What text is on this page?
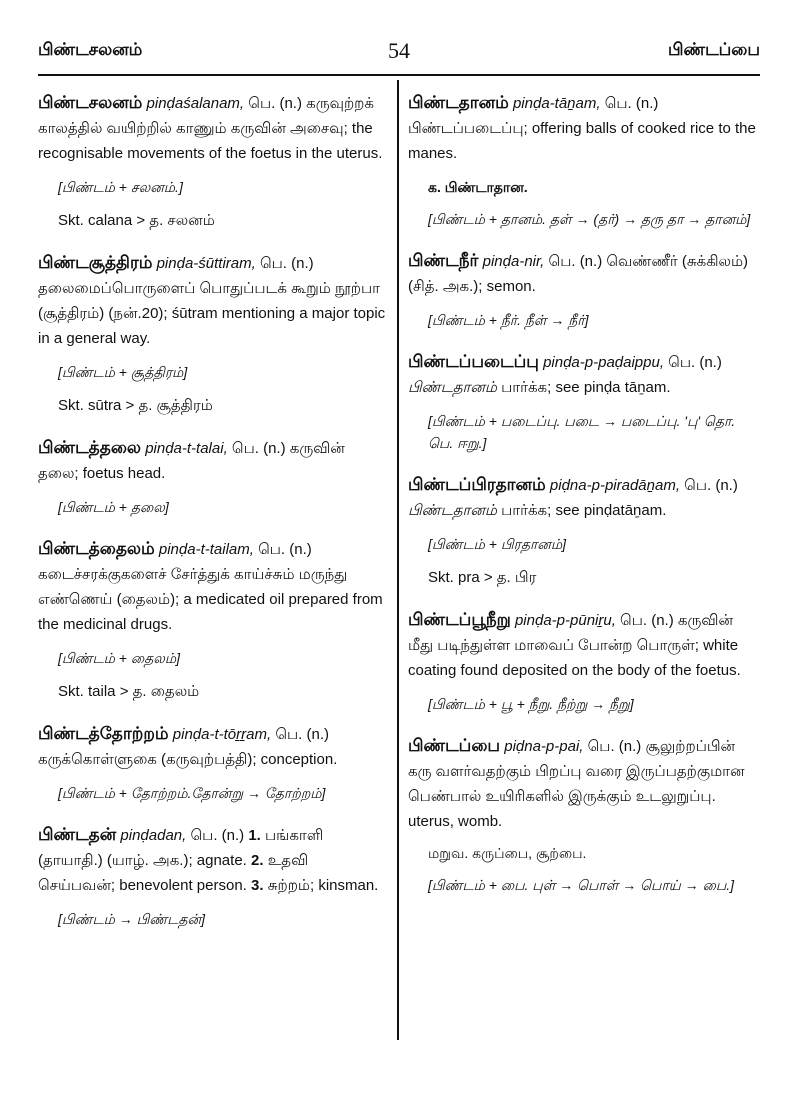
பிண்டசலனம்	54	பிண்டப்பை
பிண்டசலனம் pinḍaśalanam, பெ. (n.) கருவுற்றக் காலத்தில் வயிற்றில் காணும் கருவின் அசைவு; the recognisable movements of the foetus in the uterus.
[பிண்டம் + சலனம்.]
Skt. calana > த. சலனம்
பிண்டசூத்திரம் pinḍa-śūttiram, பெ. (n.) தலைமைப்பொருளைப் பொதுப்படக் கூறும் நூற்பா (சூத்திரம்) (நன்.20); śūtram mentioning a major topic in a general way.
[பிண்டம் + சூத்திரம்]
Skt. sūtra > த. சூத்திரம்
பிண்டத்தலை pinḍa-t-talai, பெ. (n.) கருவின் தலை; foetus head.
[பிண்டம் + தலை]
பிண்டத்தைலம் pinḍa-t-tailam, பெ. (n.) கடைச்சரக்குகளைச் சேர்த்துக் காய்ச்சும் மருந்து எண்ணெய் (தைலம்); a medicated oil prepared from the medicinal drugs.
[பிண்டம் + தைலம்]
Skt. taila > த. தைலம்
பிண்டத்தோற்றம் pinḍa-t-tōṟṟam, பெ. (n.) கருக்கொள்ளுகை (கருவுற்பத்தி); conception.
[பிண்டம் + தோற்றம்.தோன்று → தோற்றம்]
பிண்டதன் pinḍadan, பெ. (n.) 1. பங்காளி (தாயாதி.) (யாழ். அக.); agnate. 2. உதவி செய்பவன்; benevolent person. 3. சுற்றம்; kinsman.
[பிண்டம் → பிண்டதன்]
பிண்டதானம் pinḍa-tāṉam, பெ. (n.) பிண்டப்படைப்பு; offering balls of cooked rice to the manes.
க. பிண்டாதான.
[பிண்டம் + தானம். தள் → (தர்) → தரு தா → தானம்]
பிண்டநீர் pinḍa-nir, பெ. (n.) வெண்ணீர் (சுக்கிலம்) (சித். அக.); semon.
[பிண்டம் + நீர். நீள் → நீர்]
பிண்டப்படைப்பு pinḍa-p-paḍaippu, பெ. (n.) பிண்டதானம் பார்க்க; see pinḍa tāṉam.
[பிண்டம் + படைப்பு. படை → படைப்பு. 'பு' தொ. பெ. ஈறு.]
பிண்டப்பிரதானம் piḍna-p-piradāṉam, பெ. (n.) பிண்டதானம் பார்க்க; see pinḍatāṉam.
[பிண்டம் + பிரதானம்]
Skt. pra > த. பிர
பிண்டப்பூநீறு pinḍa-p-pūniṟu, பெ. (n.) கருவின் மீது படிந்துள்ள மாவைப் போன்ற பொருள்; white coating found deposited on the body of the foetus.
[பிண்டம் + பூ + நீறு. நீற்று → நீறு]
பிண்டப்பை piḍna-p-pai, பெ. (n.) சூலுற்றப்பின் கரு வளர்வதற்கும் பிறப்பு வரை இருப்பதற்குமான பெண்பால் உயிரிகளில் இருக்கும் உடலுறுப்பு. uterus, womb.
மறுவ. கருப்பை, சூற்பை.
[பிண்டம் + பை. புள் → பொள் → பொய் → பை.]
